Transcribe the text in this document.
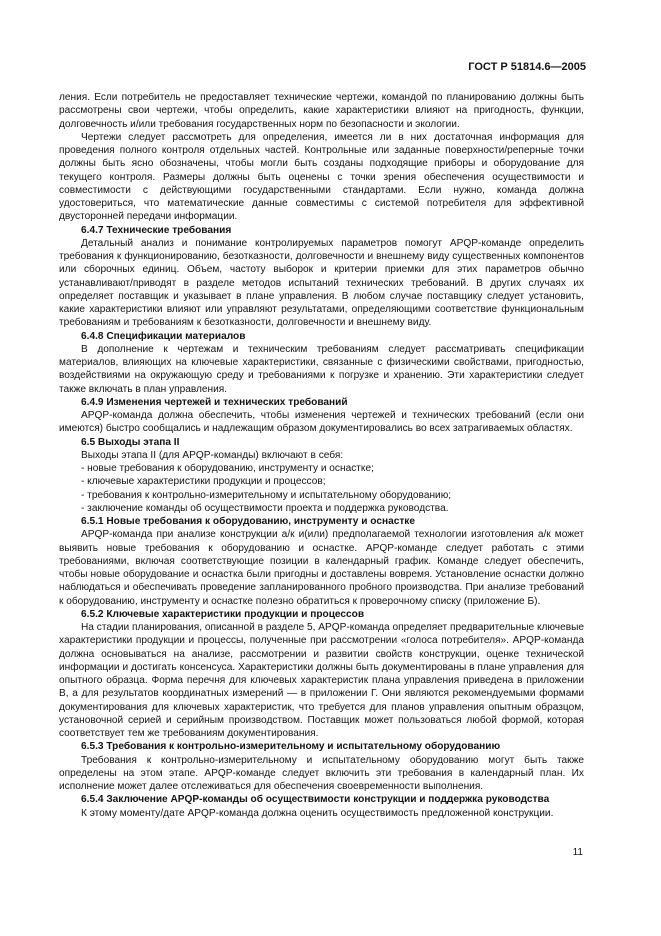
ГОСТ Р 51814.6—2005

ления. Если потребитель не предоставляет технические чертежи, командой по планированию должны быть рассмотрены свои чертежи, чтобы определить, какие характеристики влияют на пригодность, функции, долговечность и/или требования государственных норм по безопасности и экологии.

Чертежи следует рассмотреть для определения, имеется ли в них достаточная информация для проведения полного контроля отдельных частей. Контрольные или заданные поверхности/реперные точки должны быть ясно обозначены, чтобы могли быть созданы подходящие приборы и оборудование для текущего контроля. Размеры должны быть оценены с точки зрения обеспечения осуществимости и совместимости с действующими государственными стандартами. Если нужно, команда должна удостовериться, что математические данные совместимы с системой потребителя для эффективной двусторонней передачи информации.

6.4.7 Технические требования

Детальный анализ и понимание контролируемых параметров помогут APQP-команде определить требования к функционированию, безотказности, долговечности и внешнему виду существенных компонентов или сборочных единиц. Объем, частоту выборок и критерии приемки для этих параметров обычно устанавливают/приводят в разделе методов испытаний технических требований. В других случаях их определяет поставщик и указывает в плане управления. В любом случае поставщику следует установить, какие характеристики влияют или управляют результатами, определяющими соответствие функциональным требованиям и требованиям к безотказности, долговечности и внешнему виду.

6.4.8 Спецификации материалов

В дополнение к чертежам и техническим требованиям следует рассматривать спецификации материалов, влияющих на ключевые характеристики, связанные с физическими свойствами, пригодностью, воздействиями на окружающую среду и требованиями к погрузке и хранению. Эти характеристики следует также включать в план управления.

6.4.9 Изменения чертежей и технических требований

APQP-команда должна обеспечить, чтобы изменения чертежей и технических требований (если они имеются) быстро сообщались и надлежащим образом документировались во всех затрагиваемых областях.

6.5 Выходы этапа II

Выходы этапа II (для APQP-команды) включают в себя:

- новые требования к оборудованию, инструменту и оснастке;

- ключевые характеристики продукции и процессов;

- требования к контрольно-измерительному и испытательному оборудованию;

- заключение команды об осуществимости проекта и поддержка руководства.

6.5.1 Новые требования к оборудованию, инструменту и оснастке

APQP-команда при анализе конструкции а/к и(или) предполагаемой технологии изготовления а/к может выявить новые требования к оборудованию и оснастке. APQP-команде следует работать с этими требованиями, включая соответствующие позиции в календарный график. Команде следует обеспечить, чтобы новые оборудование и оснастка были пригодны и доставлены вовремя. Установление оснастки должно наблюдаться и обеспечивать проведение запланированного пробного производства. При анализе требований к оборудованию, инструменту и оснастке полезно обратиться к проверочному списку (приложение Б).

6.5.2 Ключевые характеристики продукции и процессов

На стадии планирования, описанной в разделе 5, APQP-команда определяет предварительные ключевые характеристики продукции и процессы, полученные при рассмотрении «голоса потребителя». APQP-команда должна основываться на анализе, рассмотрении и развитии свойств конструкции, оценке технической информации и достигать консенсуса. Характеристики должны быть документированы в плане управления для опытного образца. Форма перечня для ключевых характеристик плана управления приведена в приложении В, а для результатов координатных измерений — в приложении Г. Они являются рекомендуемыми формами документирования для ключевых характеристик, что требуется для планов управления опытным образцом, установочной серией и серийным производством. Поставщик может пользоваться любой формой, которая соответствует тем же требованиям документирования.

6.5.3 Требования к контрольно-измерительному и испытательному оборудованию

Требования к контрольно-измерительному и испытательному оборудованию могут быть также определены на этом этапе. APQP-команде следует включить эти требования в календарный план. Их исполнение может далее отслеживаться для обеспечения своевременности выполнения.

6.5.4 Заключение APQP-команды об осуществимости конструкции и поддержка руководства

К этому моменту/дате APQP-команда должна оценить осуществимость предложенной конструкции.

11
